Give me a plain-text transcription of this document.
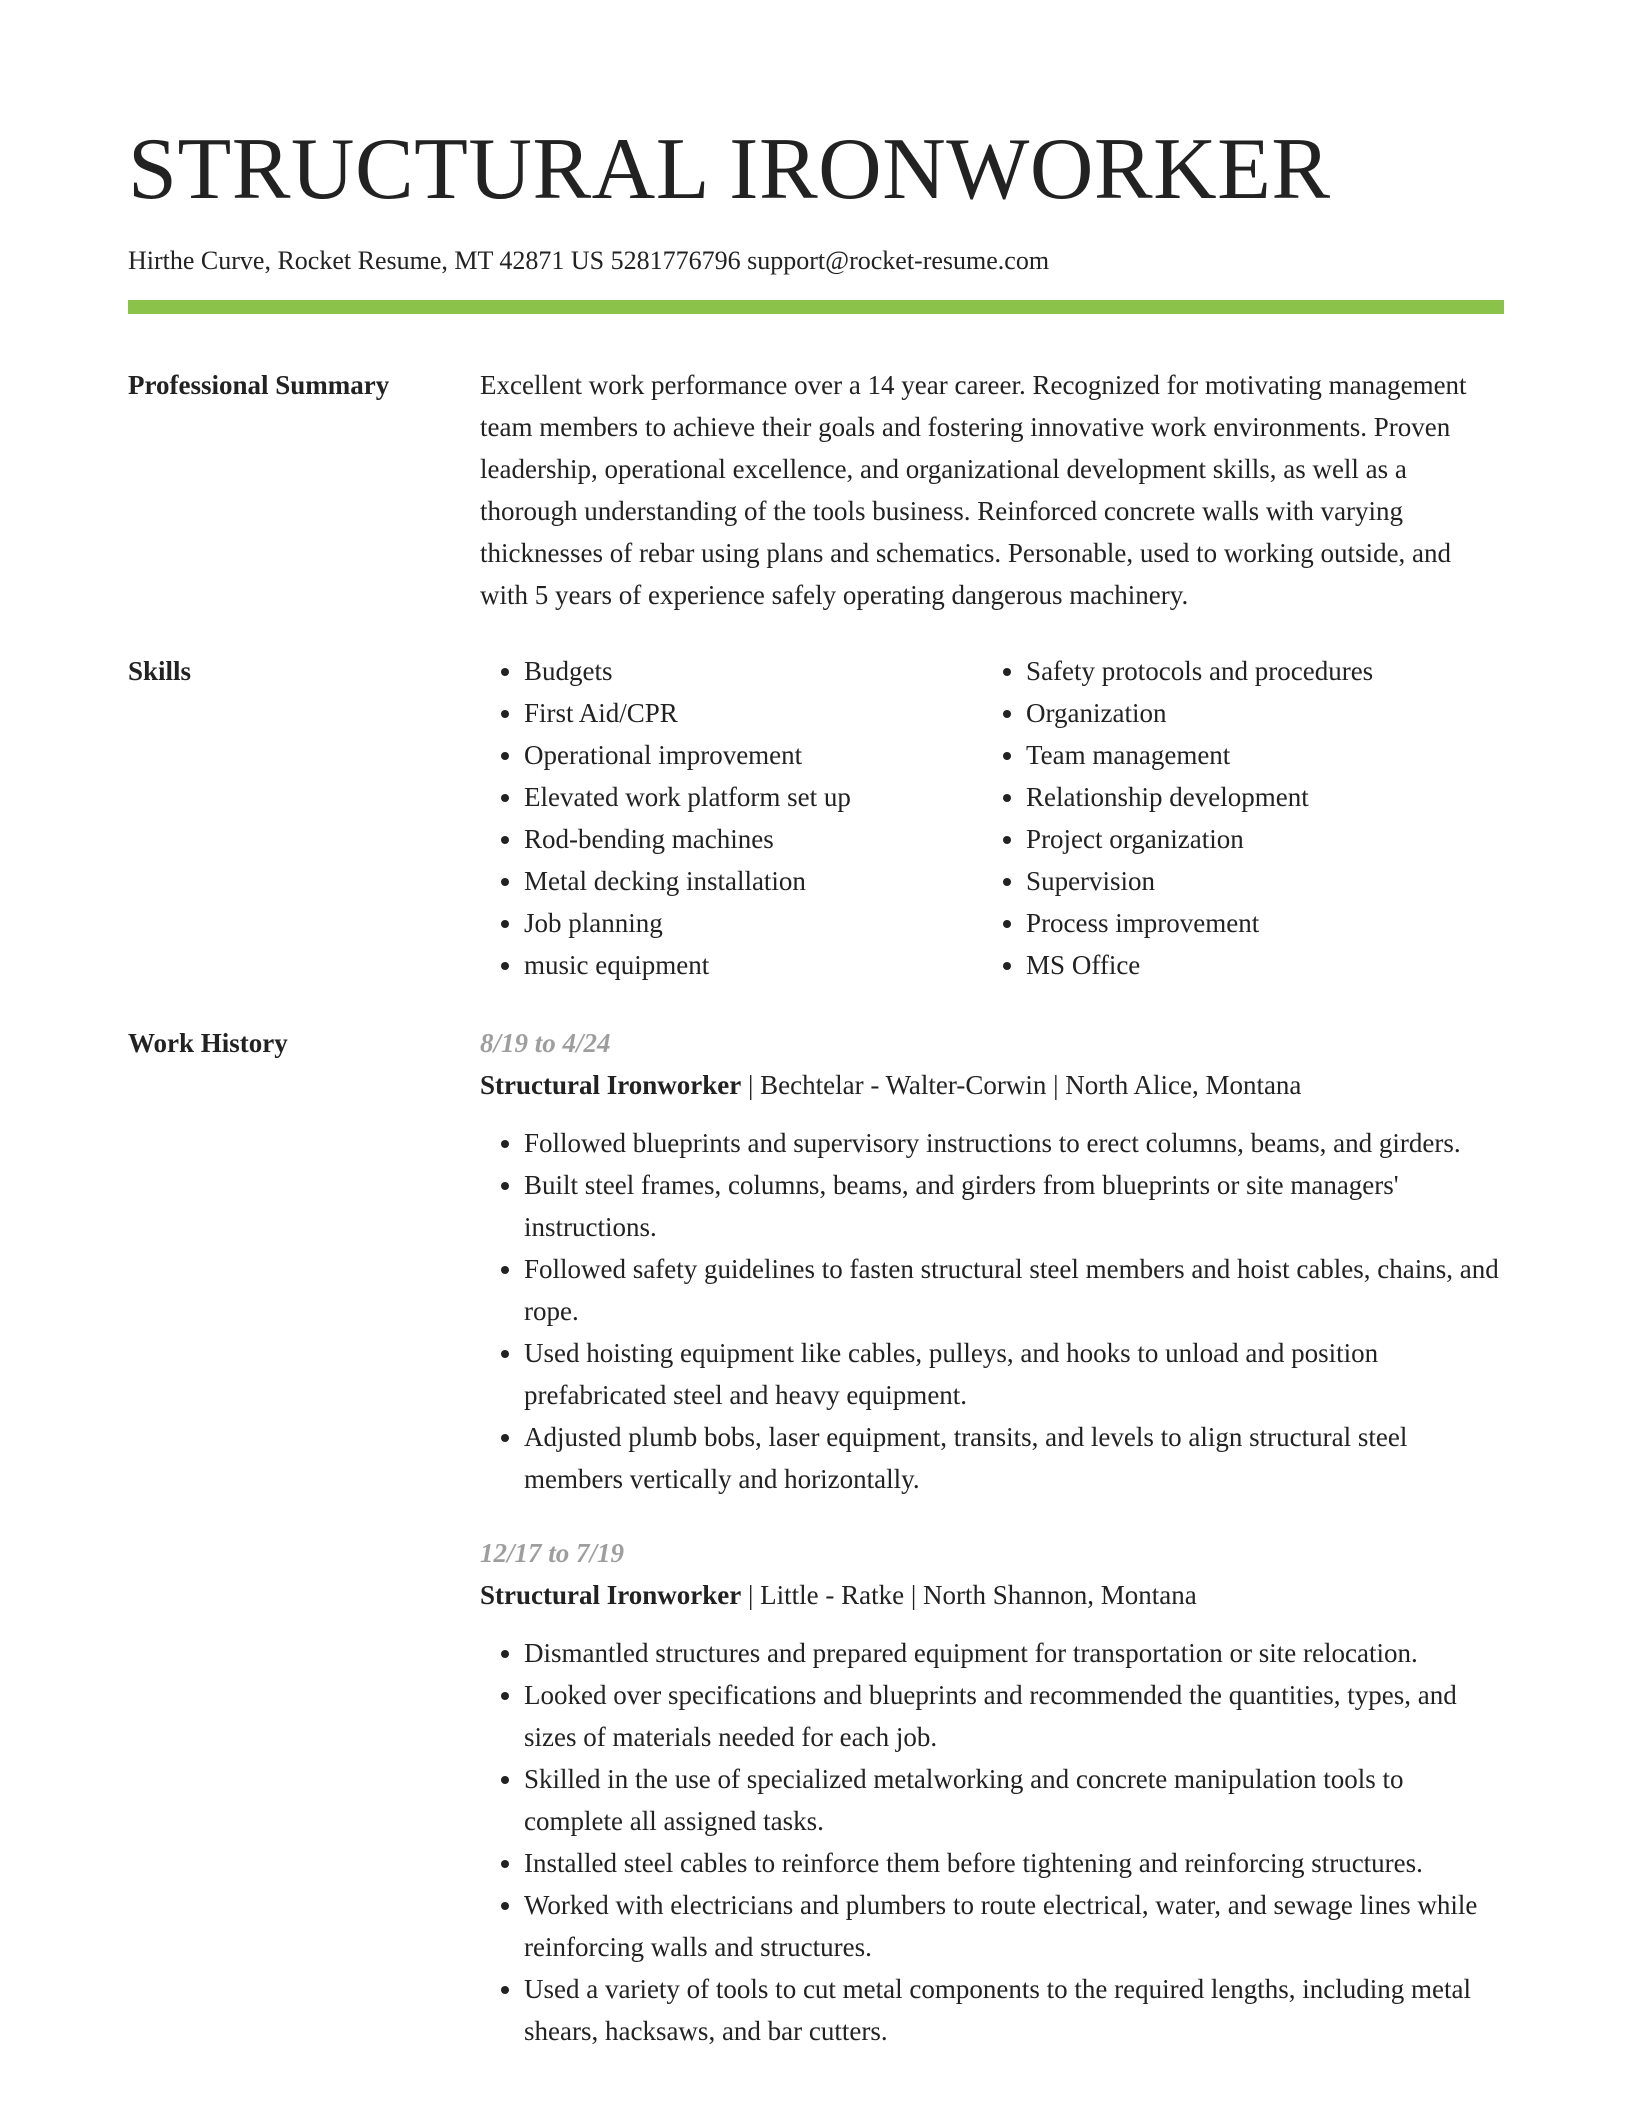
STRUCTURAL IRONWORKER
Hirthe Curve, Rocket Resume, MT 42871 US 5281776796 support@rocket-resume.com
Professional Summary	Excellent work performance over a 14 year career. Recognized for motivating management team members to achieve their goals and fostering innovative work environments. Proven leadership, operational excellence, and organizational development skills, as well as a thorough understanding of the tools business. Reinforced concrete walls with varying thicknesses of rebar using plans and schematics. Personable, used to working outside, and with 5 years of experience safely operating dangerous machinery.
Skills
•	Budgets
• First Aid/CPR
• Operational improvement
• Elevated work platform set up
• Rod-bending machines
• Metal decking installation
• Job planning
• music equipment
• Safety protocols and procedures
• Organization
• Team management
• Relationship development
• Project organization
• Supervision
• Process improvement
• MS Office
Work History	8/19 to 4/24
Structural Ironworker | Bechtelar - Walter-Corwin | North Alice, Montana
• Followed blueprints and supervisory instructions to erect columns, beams, and girders.
• Built steel frames, columns, beams, and girders from blueprints or site managers' instructions.
• Followed safety guidelines to fasten structural steel members and hoist cables, chains, and rope.
• Used hoisting equipment like cables, pulleys, and hooks to unload and position prefabricated steel and heavy equipment.
• Adjusted plumb bobs, laser equipment, transits, and levels to align structural steel members vertically and horizontally.
12/17 to 7/19
Structural Ironworker | Little - Ratke | North Shannon, Montana
• Dismantled structures and prepared equipment for transportation or site relocation.
• Looked over specifications and blueprints and recommended the quantities, types, and sizes of materials needed for each job.
• Skilled in the use of specialized metalworking and concrete manipulation tools to complete all assigned tasks.
• Installed steel cables to reinforce them before tightening and reinforcing structures.
• Worked with electricians and plumbers to route electrical, water, and sewage lines while reinforcing walls and structures.
• Used a variety of tools to cut metal components to the required lengths, including metal shears, hacksaws, and bar cutters.
